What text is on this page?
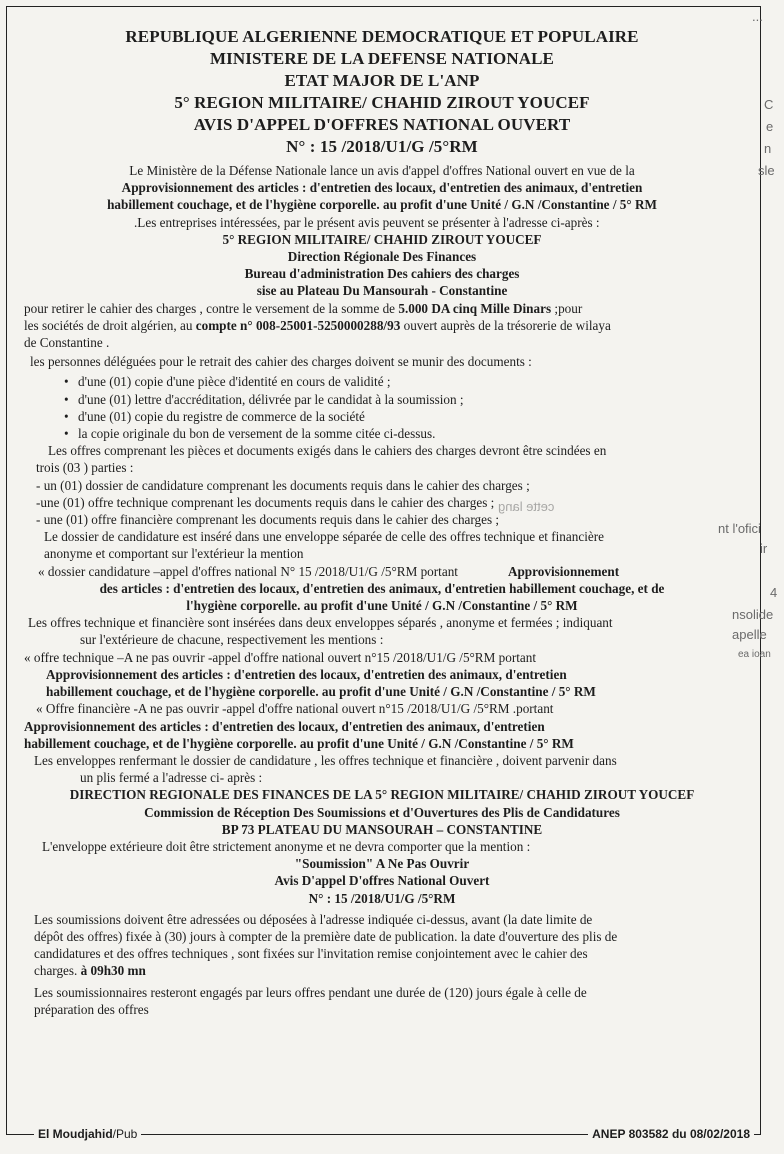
...
C
e
n
sle
cette lang
nt l'ofici
ir
4
nsolide
apelle
ea ioan
REPUBLIQUE ALGERIENNE DEMOCRATIQUE ET POPULAIRE
MINISTERE DE LA DEFENSE NATIONALE
ETAT MAJOR DE L'ANP
5° REGION MILITAIRE/ CHAHID ZIROUT YOUCEF
AVIS D'APPEL D'OFFRES NATIONAL OUVERT
N° : 15 /2018/U1/G /5°RM

Le Ministère de la Défense Nationale lance un avis d'appel d'offres National ouvert en vue de la

Approvisionnement des articles : d'entretien des locaux, d'entretien des animaux, d'entretien

habillement couchage, et de l'hygiène corporelle. au profit d'une Unité / G.N /Constantine / 5° RM

.Les entreprises intéressées, par le présent avis peuvent se présenter à l'adresse ci-après :

5° REGION MILITAIRE/ CHAHID ZIROUT YOUCEF

Direction Régionale Des Finances

Bureau d'administration Des cahiers des charges

sise au Plateau Du Mansourah - Constantine

pour retirer le cahier des charges , contre le versement de la somme de 5.000 DA cinq Mille Dinars ;pour

les sociétés de droit algérien, au compte n° 008-25001-5250000288/93 ouvert auprès de la trésorerie de wilaya

de Constantine .

les personnes déléguées pour le retrait des cahier des charges doivent se munir des documents :

• d'une (01) copie d'une pièce d'identité en cours de validité ;
• d'une (01) lettre d'accréditation, délivrée par le candidat à la soumission ;
• d'une (01) copie du registre de commerce de la société
• la copie originale du bon de versement de la somme citée ci-dessus.

Les offres comprenant les pièces et documents exigés dans le cahiers des charges devront être scindées en

trois (03 ) parties :

- un (01) dossier de candidature comprenant les documents requis dans le cahier des charges ;

-une (01) offre technique comprenant les documents requis dans le cahier des charges ;

- une (01) offre financière comprenant les documents requis dans le cahier des charges ;

Le dossier de candidature est inséré dans une enveloppe séparée de celle des offres technique et financière

anonyme et comportant sur l'extérieur la mention

« dossier candidature –appel d'offres national N° 15 /2018/U1/G /5°RM portant	Approvisionnement

des articles : d'entretien des locaux, d'entretien des animaux, d'entretien habillement couchage, et de

l'hygiène corporelle. au profit d'une Unité / G.N /Constantine / 5° RM

Les offres technique et financière sont insérées dans deux enveloppes séparés , anonyme et fermées ; indiquant

sur l'extérieure de chacune, respectivement les mentions :

« offre technique –A ne pas ouvrir -appel d'offre national ouvert n°15 /2018/U1/G /5°RM portant

Approvisionnement des articles : d'entretien des locaux, d'entretien des animaux, d'entretien

habillement couchage, et de l'hygiène corporelle. au profit d'une Unité / G.N /Constantine / 5° RM

« Offre financière -A ne pas ouvrir -appel d'offre national ouvert n°15 /2018/U1/G /5°RM .portant

Approvisionnement des articles : d'entretien des locaux, d'entretien des animaux, d'entretien

habillement couchage, et de l'hygiène corporelle. au profit d'une Unité / G.N /Constantine / 5° RM

Les enveloppes renfermant le dossier de candidature , les offres technique et financière , doivent parvenir dans

un plis fermé a l'adresse ci- après :

DIRECTION REGIONALE DES FINANCES DE LA 5° REGION MILITAIRE/ CHAHID ZIROUT YOUCEF

Commission de Réception Des Soumissions et d'Ouvertures des Plis de Candidatures

BP 73 PLATEAU DU MANSOURAH – CONSTANTINE

L'enveloppe extérieure doit être strictement anonyme et ne devra comporter que la mention :

"Soumission" A Ne Pas Ouvrir

Avis D'appel D'offres National Ouvert

N° : 15 /2018/U1/G /5°RM

Les soumissions doivent être adressées ou déposées à l'adresse indiquée ci-dessus, avant (la date limite de

dépôt des offres) fixée à (30) jours à compter de la première date de publication. la date d'ouverture des plis de

candidatures et des offres techniques , sont fixées sur l'invitation remise conjointement avec le cahier des

charges. à 09h30 mn

Les soumissionnaires resteront engagés par leurs offres pendant une durée de (120) jours égale à celle de

préparation des offres

El Moudjahid/Pub	ANEP 803582 du 08/02/2018
